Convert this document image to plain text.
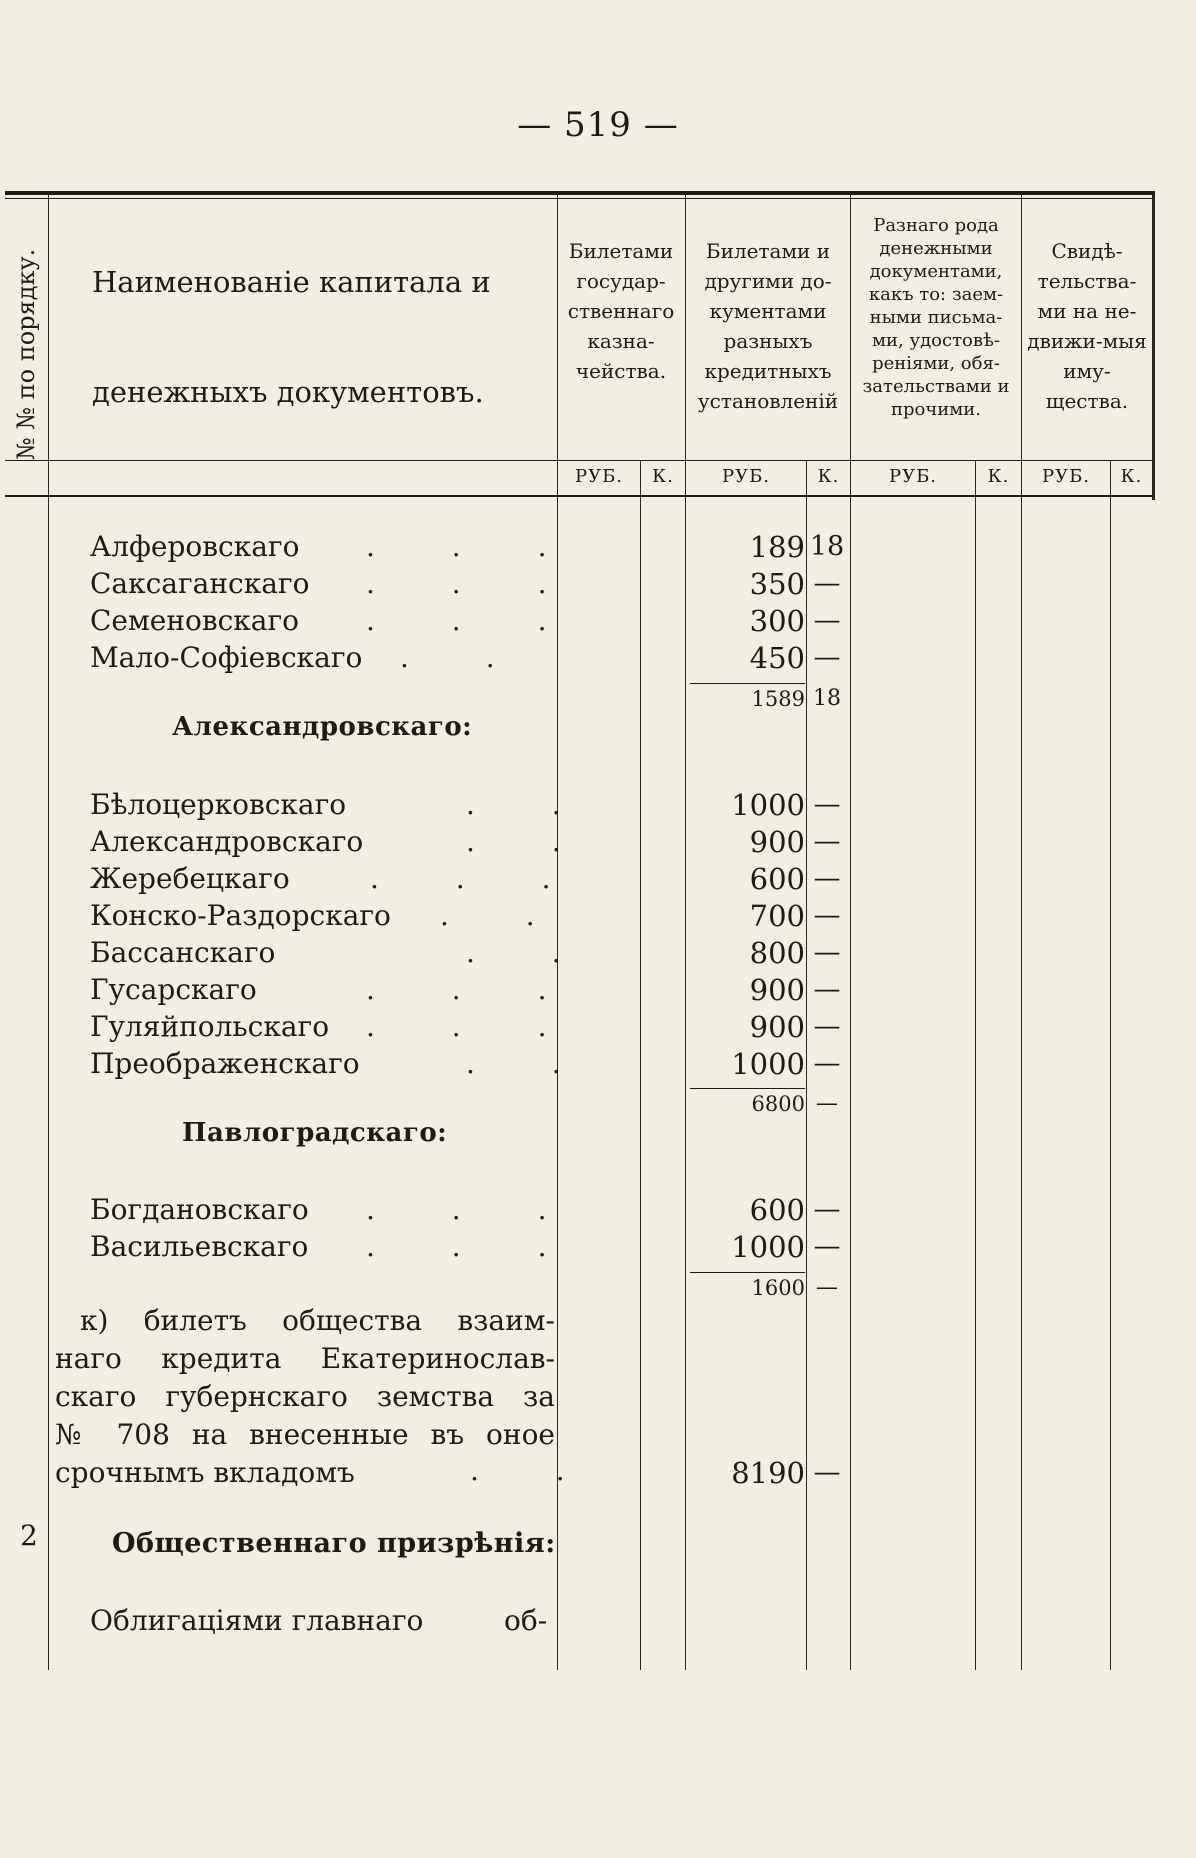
— 519 —
№ № по порядку. Наименованіе капитала и
денежныхъ документовъ.
Билетами государ-ственнаго казна-чейства.
Билетами и другими до-кументами разныхъ кредитныхъ установленій
Разнаго рода денежными документами, какъ то: заем-ными письма-ми, удостовѣ-реніями, обя-зательствами и прочими.
Свидѣ-тельства-ми на не-движи-мыя иму-щества.
РУБ.	К.	РУБ.	К.	РУБ.	К.	РУБ.	К.
Алферовскаго . . .	189 18
Саксаганскаго . . .	350 —
Семеновскаго . . .	300 —
Мало-Софіевскаго . .	450 —
1589 18
Александровскаго:
Бѣлоцерковскаго	. .	1000 —
Александровскаго	. .	900 —
Жеребецкаго	. . .	600 —
Конско-Раздорскаго . .	700 —
Бассанскаго	. .	800 —
Гусарскаго	. . .	900 —
Гуляйпольскаго . . .	900 —
Преображенскаго	. .	1000 —
6800 —
Павлоградскаго:
Богдановскаго . . .	600 —
Васильевскаго . . .	1000 —
1600 —
к) билетъ общества взаим-
наго кредита Екатеринослав-
скаго губернскаго земства за
№ 708 на внесенные въ оное
срочнымъ вкладомъ	. .	8190 —
2	Общественнаго призрѣнія:
Облигаціями главнаго	об-
